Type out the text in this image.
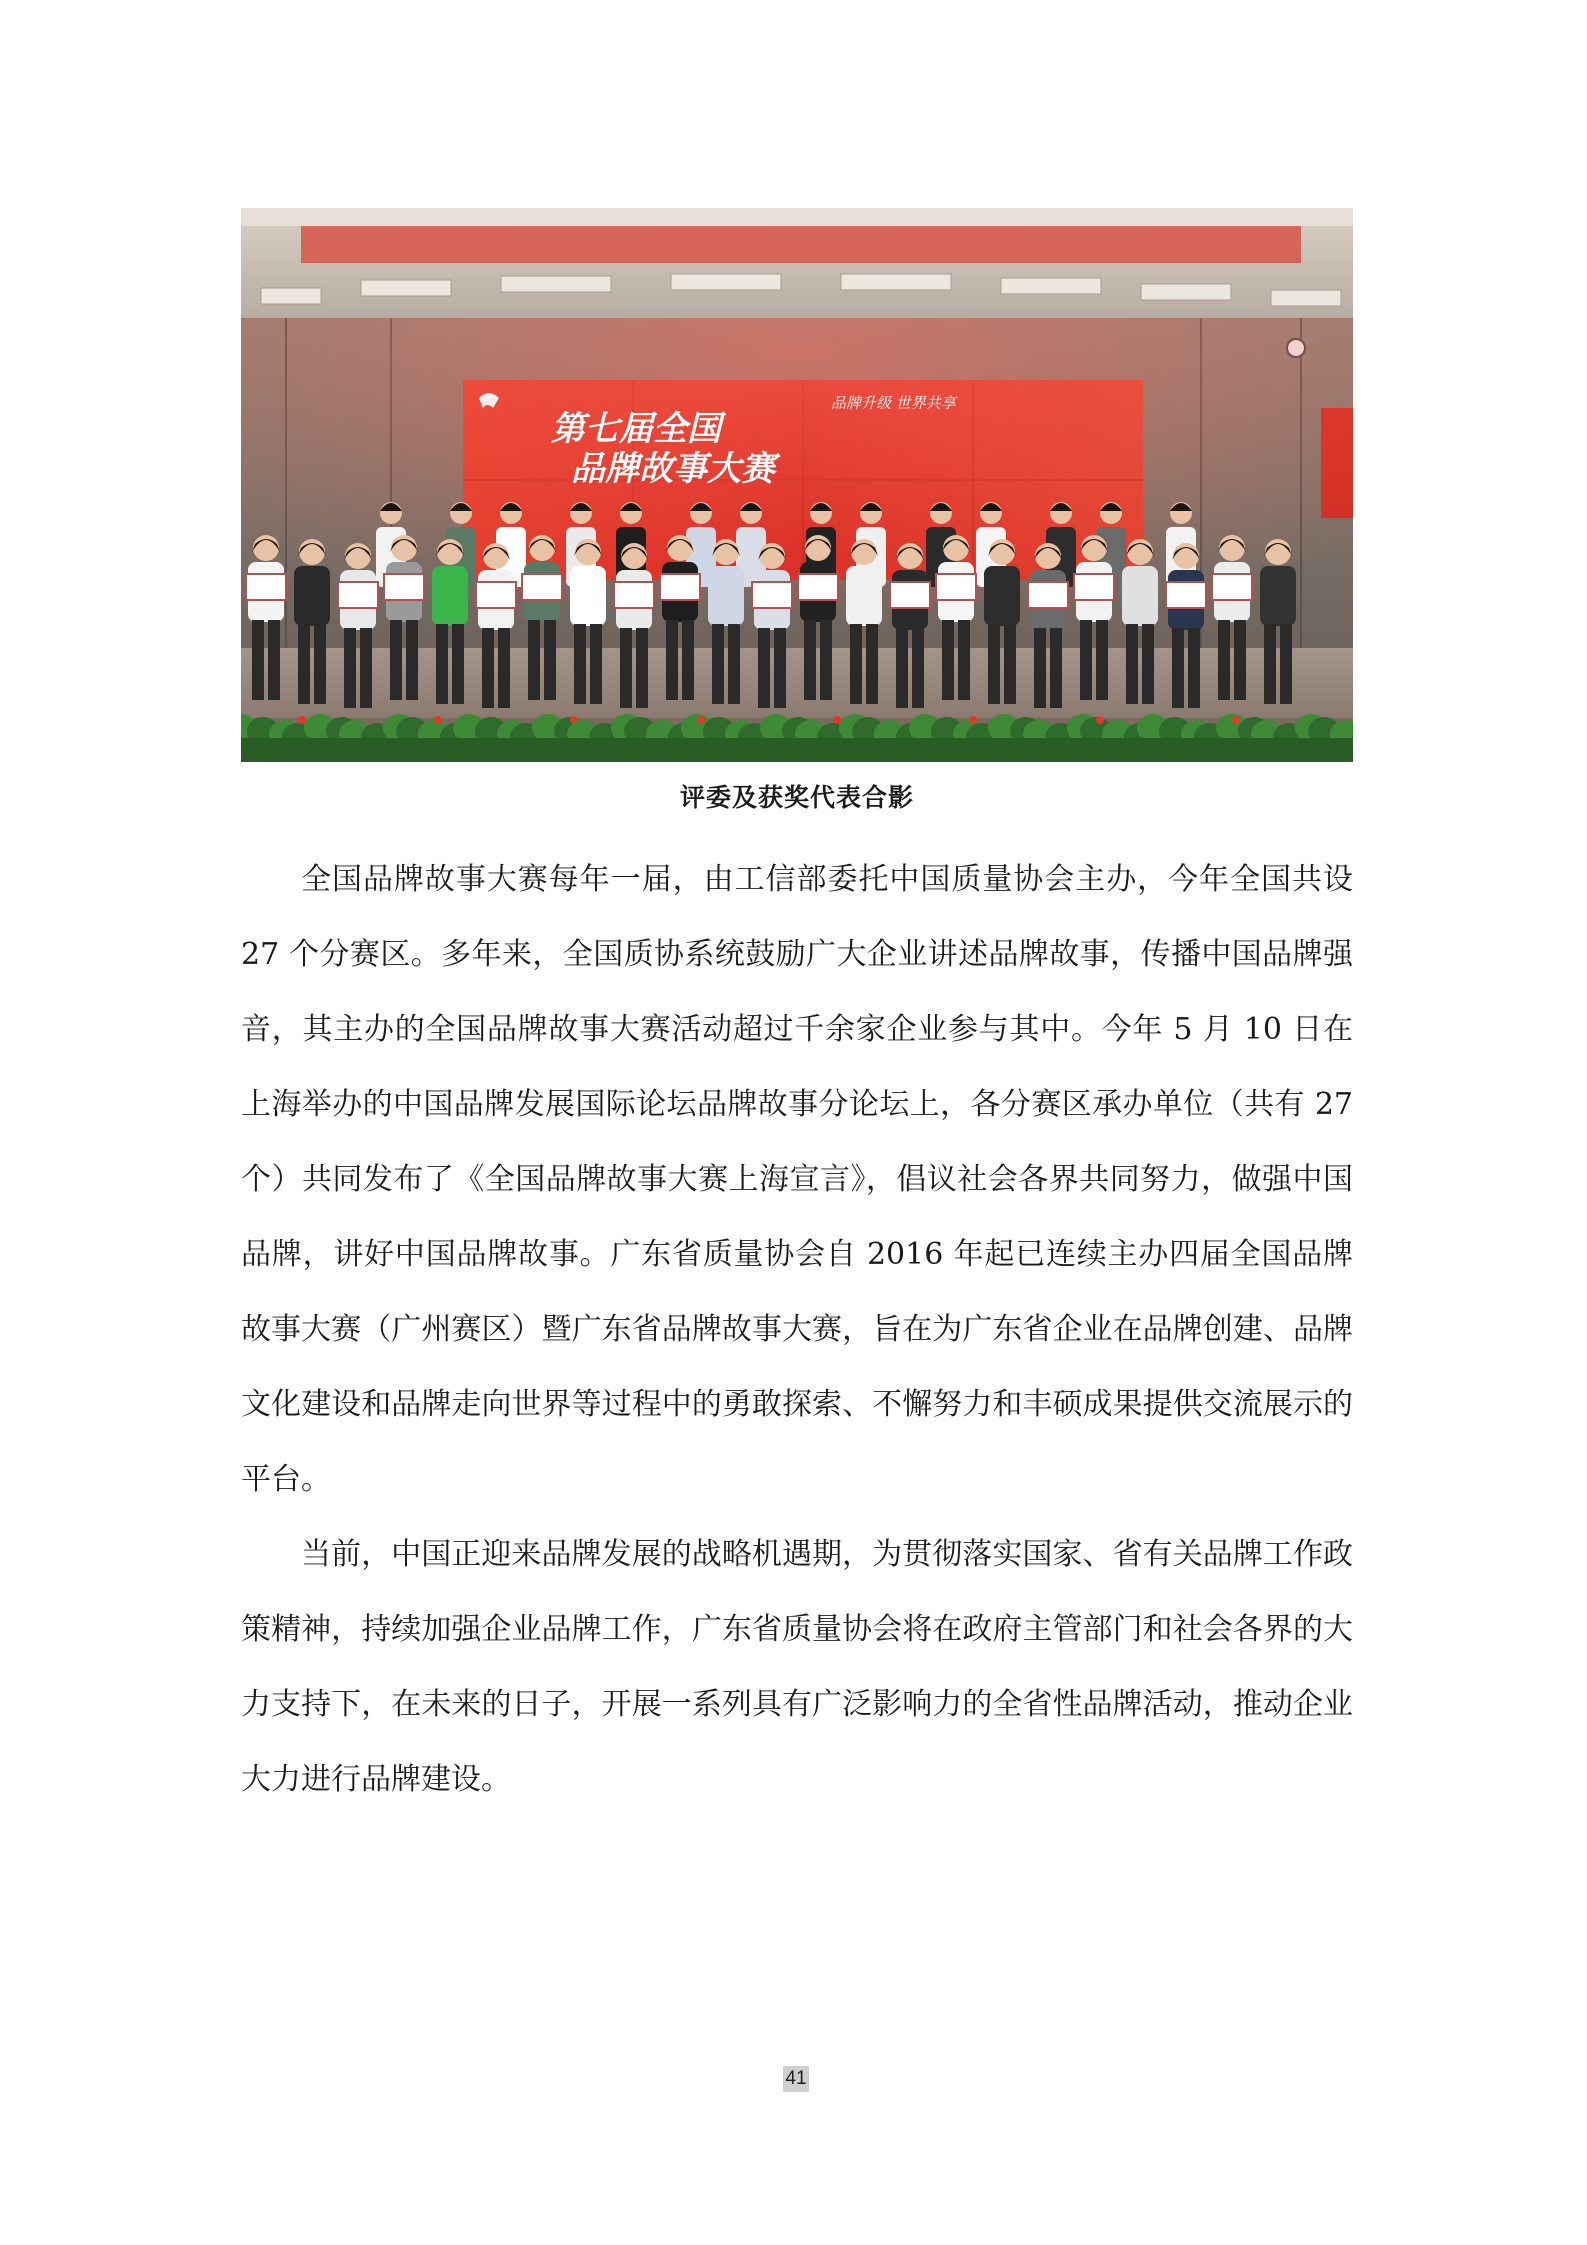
第七届全国
品牌故事大赛
品牌升级 世界共享
评委及获奖代表合影

全国品牌故事大赛每年一届，由工信部委托中国质量协会主办，今年全国共设 27 个分赛区。多年来，全国质协系统鼓励广大企业讲述品牌故事，传播中国品牌强音，其主办的全国品牌故事大赛活动超过千余家企业参与其中。今年 5 月 10 日在上海举办的中国品牌发展国际论坛品牌故事分论坛上，各分赛区承办单位（共有 27 个）共同发布了《全国品牌故事大赛上海宣言》，倡议社会各界共同努力，做强中国品牌，讲好中国品牌故事。广东省质量协会自 2016 年起已连续主办四届全国品牌故事大赛（广州赛区）暨广东省品牌故事大赛，旨在为广东省企业在品牌创建、品牌文化建设和品牌走向世界等过程中的勇敢探索、不懈努力和丰硕成果提供交流展示的平台。

当前，中国正迎来品牌发展的战略机遇期，为贯彻落实国家、省有关品牌工作政策精神，持续加强企业品牌工作，广东省质量协会将在政府主管部门和社会各界的大力支持下，在未来的日子，开展一系列具有广泛影响力的全省性品牌活动，推动企业大力进行品牌建设。

41
